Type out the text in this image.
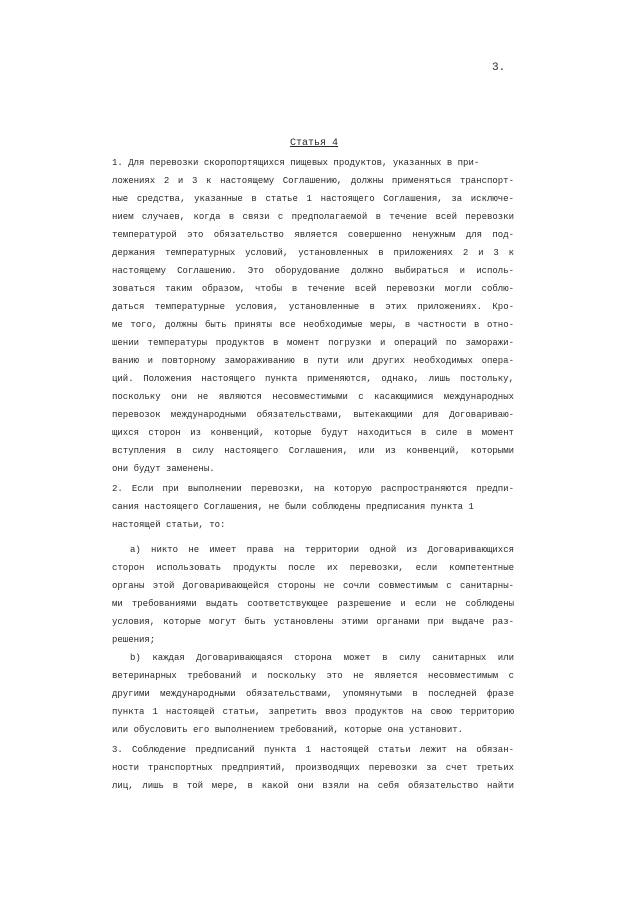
3.
Статья 4
1. Для перевозки скоропортящихся пищевых продуктов, указанных в при-
ложениях 2 и 3 к настоящему Соглашению, должны применяться транспорт-
ные средства, указанные в статье 1 настоящего Соглашения, за исключе-
нием случаев, когда в связи с предполагаемой в течение всей перевозки
температурой это обязательство является совершенно ненужным для под-
держания температурных условий, установленных в приложениях 2 и 3 к
настоящему Соглашению. Это оборудование должно выбираться и исполь-
зоваться таким образом, чтобы в течение всей перевозки могли соблю-
даться температурные условия, установленные в этих приложениях. Кро-
ме того, должны быть приняты все необходимые меры, в частности в отно-
шении температуры продуктов в момент погрузки и операций по заморажи-
ванию и повторному замораживанию в пути или других необходимых опера-
ций. Положения настоящего пункта применяются, однако, лишь постольку,
поскольку они не являются несовместимыми с касающимися международных
перевозок международными обязательствами, вытекающими для Договариваю-
щихся сторон из конвенций, которые будут находиться в силе в момент
вступления в силу настоящего Соглашения, или из конвенций, которыми
они будут заменены.
2. Если при выполнении перевозки, на которую распространяются предпи-
сания настоящего Соглашения, не были соблюдены предписания пункта 1
настоящей статьи, то:
а) никто не имеет права на территории одной из Договаривающихся
сторон использовать продукты после их перевозки, если компетентные
органы этой Договаривающейся стороны не сочли совместимым с санитарны-
ми требованиями выдать соответствующее разрешение и если не соблюдены
условия, которые могут быть установлены этими органами при выдаче раз-
решения;
b) каждая Договаривающаяся сторона может в силу санитарных или
ветеринарных требований и поскольку это не является несовместимым с
другими международными обязательствами, упомянутыми в последней фразе
пункта 1 настоящей статьи, запретить ввоз продуктов на свою территорию
или обусловить его выполнением требований, которые она установит.
3. Соблюдение предписаний пункта 1 настоящей статьи лежит на обязан-
ности транспортных предприятий, производящих перевозки за счет третьих
лиц, лишь в той мере, в какой они взяли на себя обязательство найти
